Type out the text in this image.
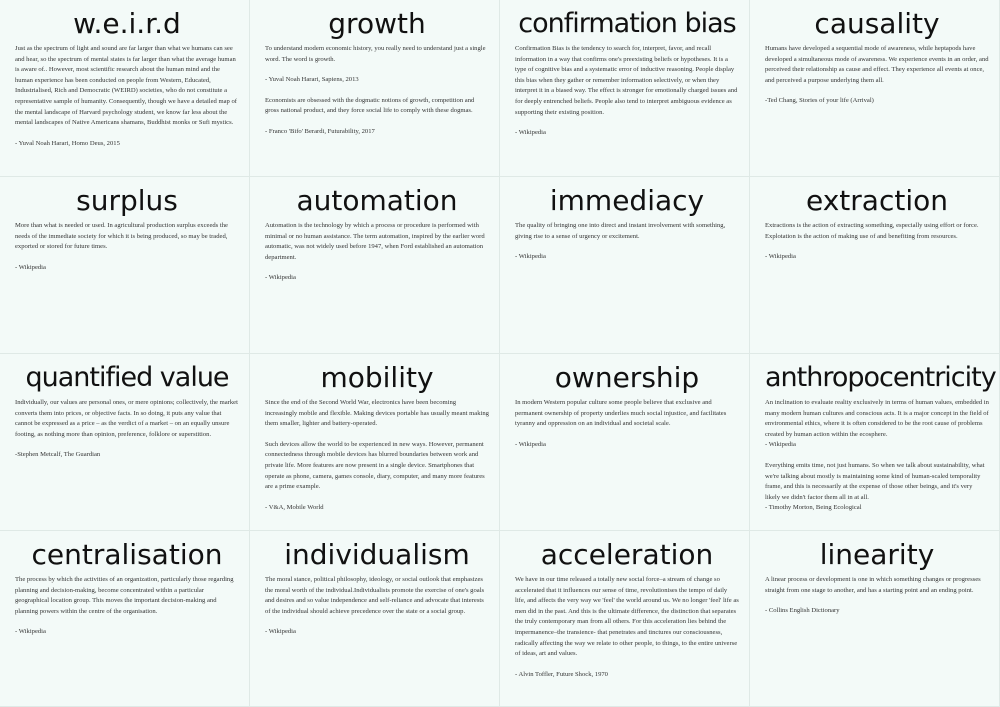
w.e.i.r.d

Just as the spectrum of light and sound are far larger than what we humans can see and hear, so the spectrum of mental states is far larger than what the average human is aware of.. However, most scientific research about the human mind and the human experience has been conducted on people from Western, Educated, Industrialised, Rich and Democratic (WEIRD) societies, who do not constitute a representative sample of humanity. Consequently, though we have a detailed map of the mental landscape of Harvard psychology student, we know far less about the mental landscapes of Native Americans shamans, Buddhist monks or Sufi mystics.

- Yuval Noah Harari, Homo Deus, 2015

growth

To understand modern economic history, you really need to understand just a single word. The word is growth.

- Yuval Noah Harari, Sapiens, 2013

Economists are obsessed with the dogmatic notions of growth, competition and gross national product, and they force social life to comply with these dogmas.

- Franco 'Bifo' Berardi, Futurability, 2017

confirmation bias

Confirmation Bias is the tendency to search for, interpret, favor, and recall information in a way that confirms one's preexisting beliefs or hypotheses. It is a type of cognitive bias and a systematic error of inductive reasoning. People display this bias when they gather or remember information selectively, or when they interpret it in a biased way. The effect is stronger for emotionally charged issues and for deeply entrenched beliefs. People also tend to interpret ambiguous evidence as supporting their existing position.

- Wikipedia

causality

Humans have developed a sequential mode of awareness, while heptapods have developed a simultaneous mode of awareness. We experience events in an order, and perceived their relationship as cause and effect. They experience all events at once, and perceived a purpose underlying them all.

-Ted Chang, Stories of your life (Arrival)

surplus

More than what is needed or used. In agricultural production surplus exceeds the needs of the immediate society for which it is being produced, so may be traded, exported or stored for future times.

- Wikipedia

automation

Automation is the technology by which a process or procedure is performed with minimal or no human assistance. The term automation, inspired by the earlier word automatic, was not widely used before 1947, when Ford established an automation department.

- Wikipedia

immediacy

The quality of bringing one into direct and instant involvement with something, giving rise to a sense of urgency or excitement.

- Wikipedia

extraction

Extractions is the action of extracting something, especially using effort or force. Explotation is the action of making use of and benefiting from resources.

- Wikipedia

quantified value

Individually, our values are personal ones, or mere opinions; collectively, the market converts them into prices, or objective facts. In so doing, it puts any value that cannot be expressed as a price – as the verdict of a market – on an equally unsure footing, as nothing more than opinion, preference, folklore or superstition.

-Stephen Metcalf, The Guardian

mobility

Since the end of the Second World War, electronics have been becoming increasingly mobile and flexible. Making devices portable has usually meant making them smaller, lighter and battery-operated.

Such devices allow the world to be experienced in new ways. However, permanent connectedness through mobile devices has blurred boundaries between work and private life. More features are now present in a single device. Smartphones that operate as phone, camera, games console, diary, computer, and many more features are a prime example.

- V&A, Mobile World

ownership

In modern Western popular culture some people believe that exclusive and permanent ownership of property underlies much social injustice, and facilitates tyranny and oppression on an individual and societal scale.

- Wikipedia

anthropocentricity

An inclination to evaluate reality exclusively in terms of human values, embedded in many modern human cultures and conscious acts. It is a major concept in the field of environmental ethics, where it is often considered to be the root cause of problems created by human action within the ecosphere.
- Wikipedia

Everything emits time, not just humans. So when we talk about sustainability, what we're talking about mostly is maintaining some kind of human-scaled temporality frame, and this is necessarily at the expense of those other beings, and it's very likely we didn't factor them all in at all.
- Timothy Morton, Being Ecological

centralisation

The process by which the activities of an organization, particularly those regarding planning and decision-making, become concentrated within a particular geographical location group. This moves the important decision-making and planning powers within the centre of the organisation.

- Wikipedia

individualism

The moral stance, political philosophy, ideology, or social outlook that emphasizes the moral worth of the individual.Individualists promote the exercise of one's goals and desires and so value independence and self-reliance and advocate that interests of the individual should achieve precedence over the state or a social group.

- Wikipedia

acceleration

We have in our time released a totally new social force–a stream of change so accelerated that it influences our sense of time, revolutionises the tempo of daily life, and affects the very way we 'feel' the world around us. We no longer 'feel' life as men did in the past. And this is the ultimate difference, the distinction that separates the truly contemporary man from all others. For this acceleration lies behind the impermanence–the transience- that penetrates and tinctures our consciousness, radically affecting the way we relate to other people, to things, to the entire universe of ideas, art and values.

- Alvin Toffler, Future Shock, 1970

linearity

A linear process or development is one in which something changes or progresses straight from one stage to another, and has a starting point and an ending point.

- Collins English Dictionary
